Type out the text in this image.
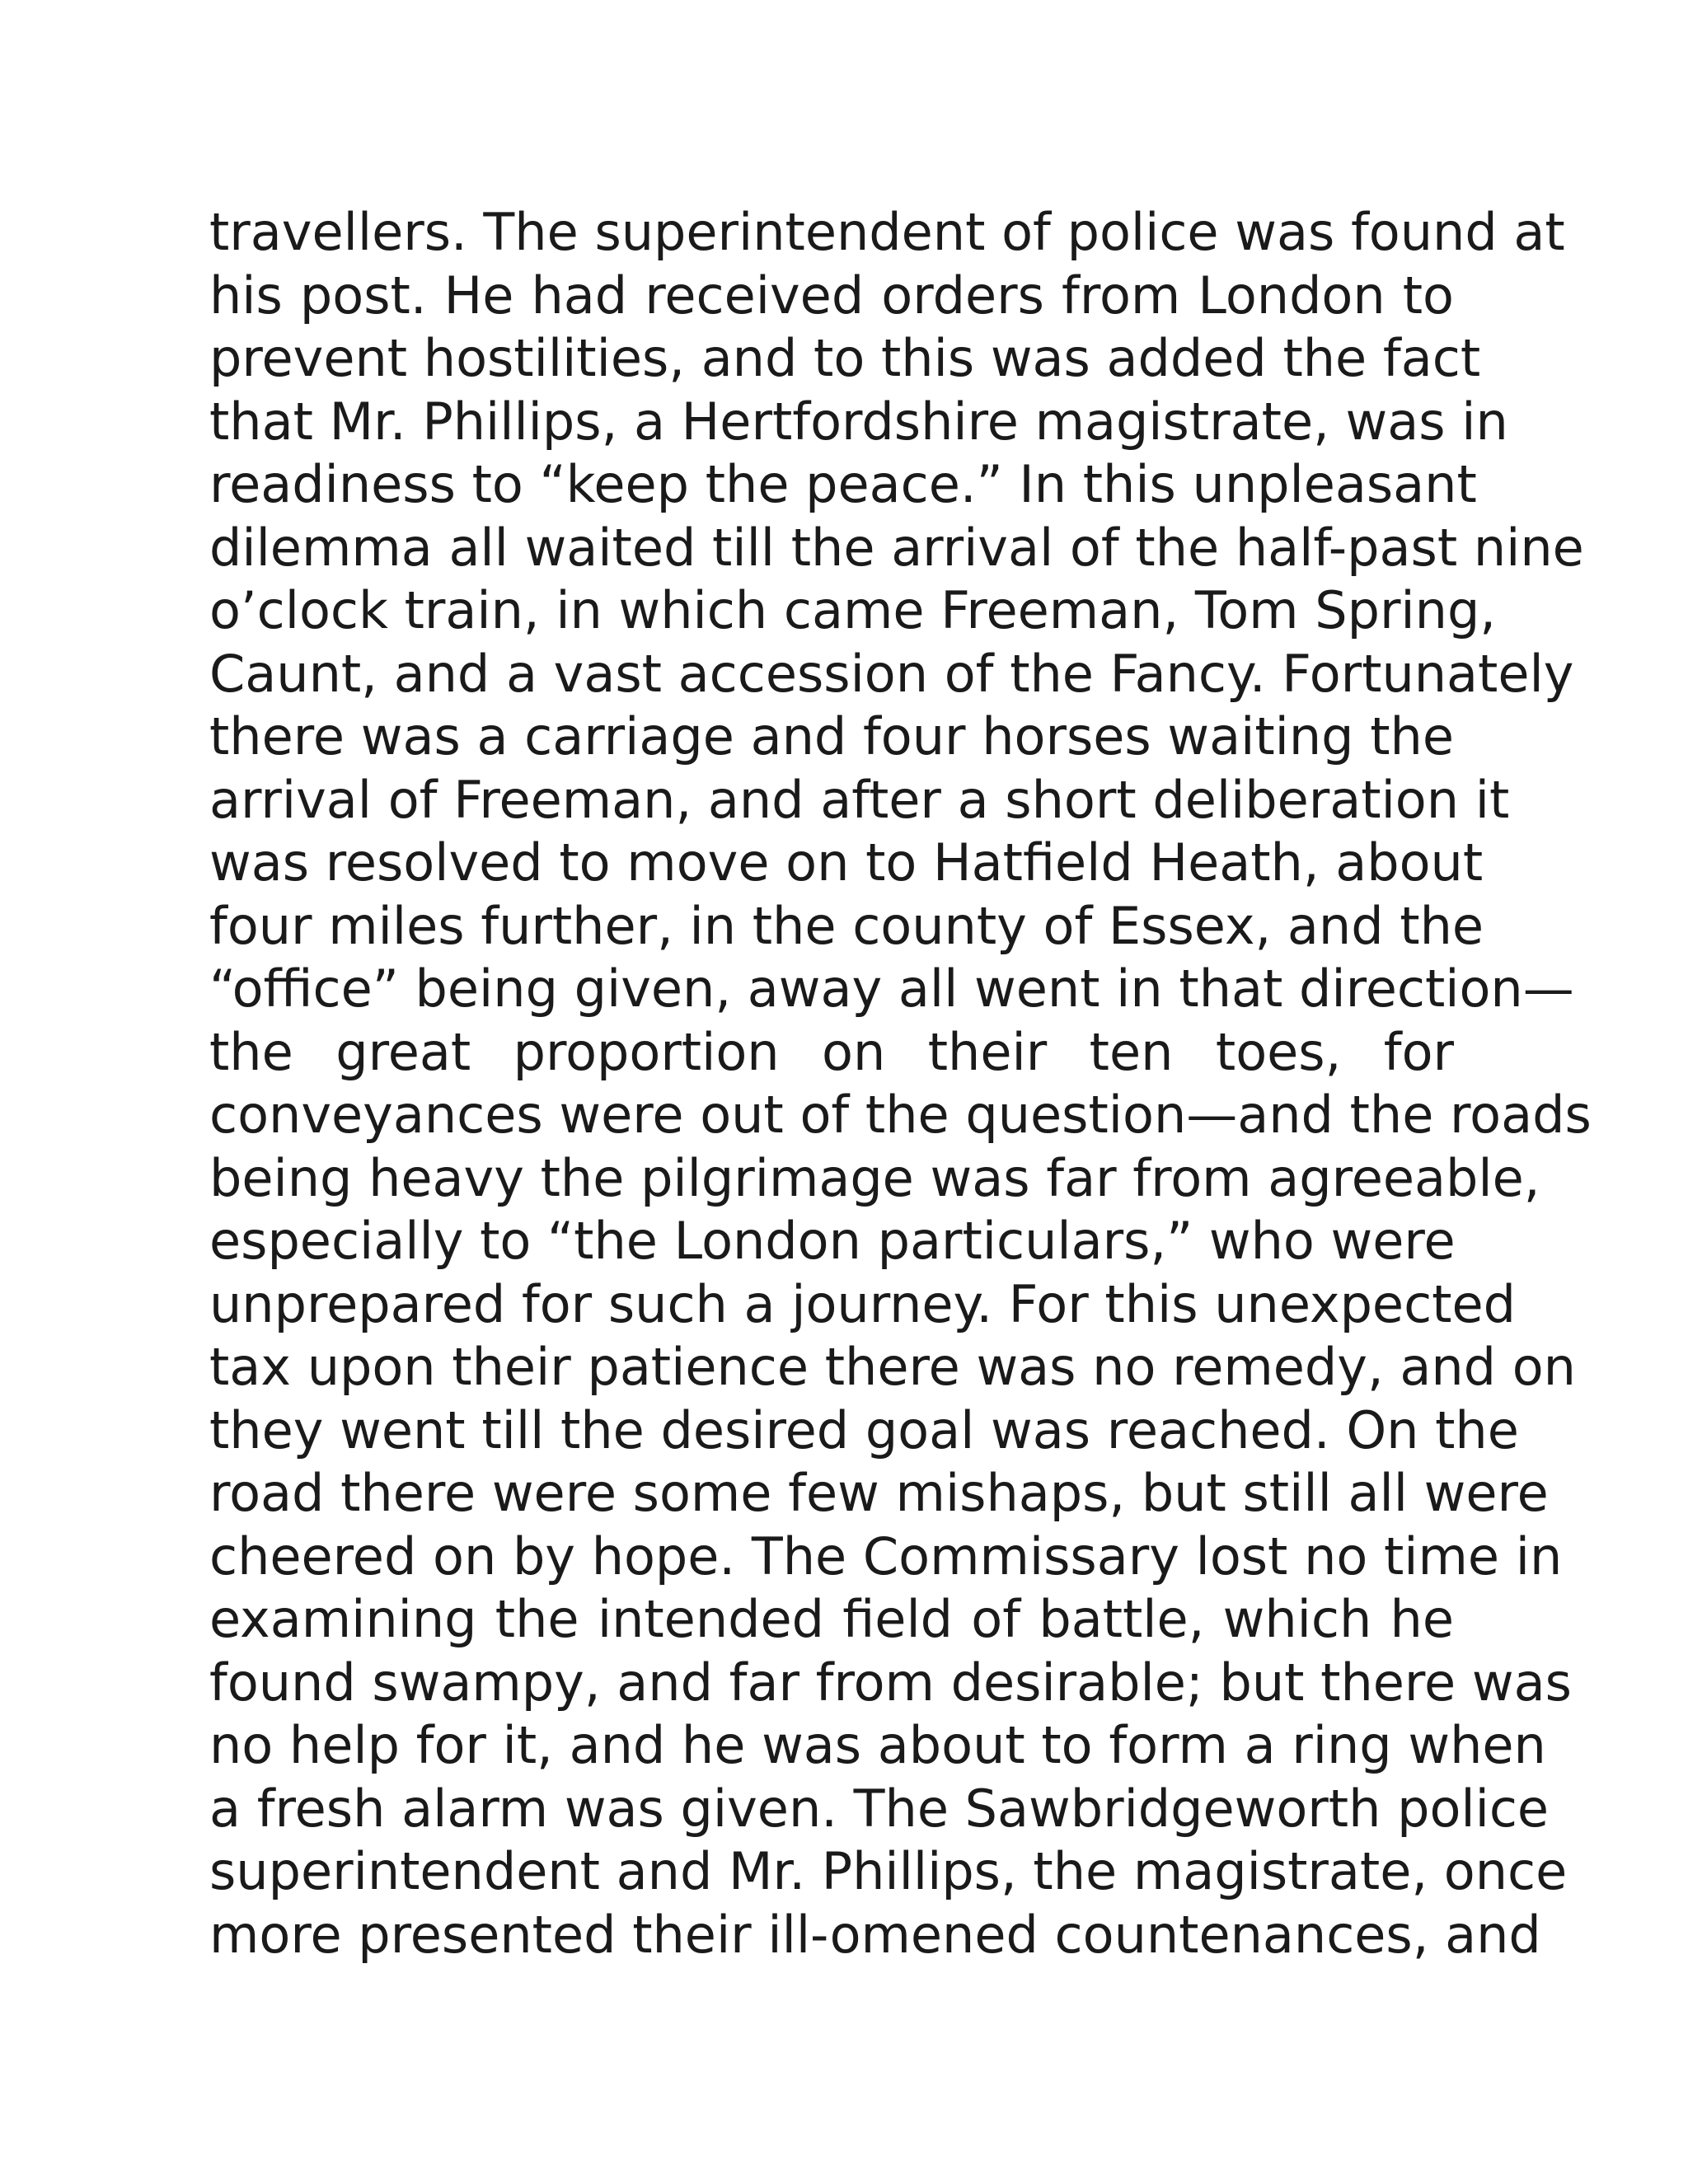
travellers. The superintendent of police was found at
his post. He had received orders from London to
prevent hostilities, and to this was added the fact
that Mr. Phillips, a Hertfordshire magistrate, was in
readiness to “keep the peace.” In this unpleasant
dilemma all waited till the arrival of the half-past nine
o’clock train, in which came Freeman, Tom Spring,
Caunt, and a vast accession of the Fancy. Fortunately
there was a carriage and four horses waiting the
arrival of Freeman, and after a short deliberation it
was resolved to move on to Hatfield Heath, about
four miles further, in the county of Essex, and the
“office” being given, away all went in that direction—
the great proportion on their ten toes, for
conveyances were out of the question—and the roads
being heavy the pilgrimage was far from agreeable,
especially to “the London particulars,” who were
unprepared for such a journey. For this unexpected
tax upon their patience there was no remedy, and on
they went till the desired goal was reached. On the
road there were some few mishaps, but still all were
cheered on by hope. The Commissary lost no time in
examining the intended field of battle, which he
found swampy, and far from desirable; but there was
no help for it, and he was about to form a ring when
a fresh alarm was given. The Sawbridgeworth police
superintendent and Mr. Phillips, the magistrate, once
more presented their ill-omened countenances, and
